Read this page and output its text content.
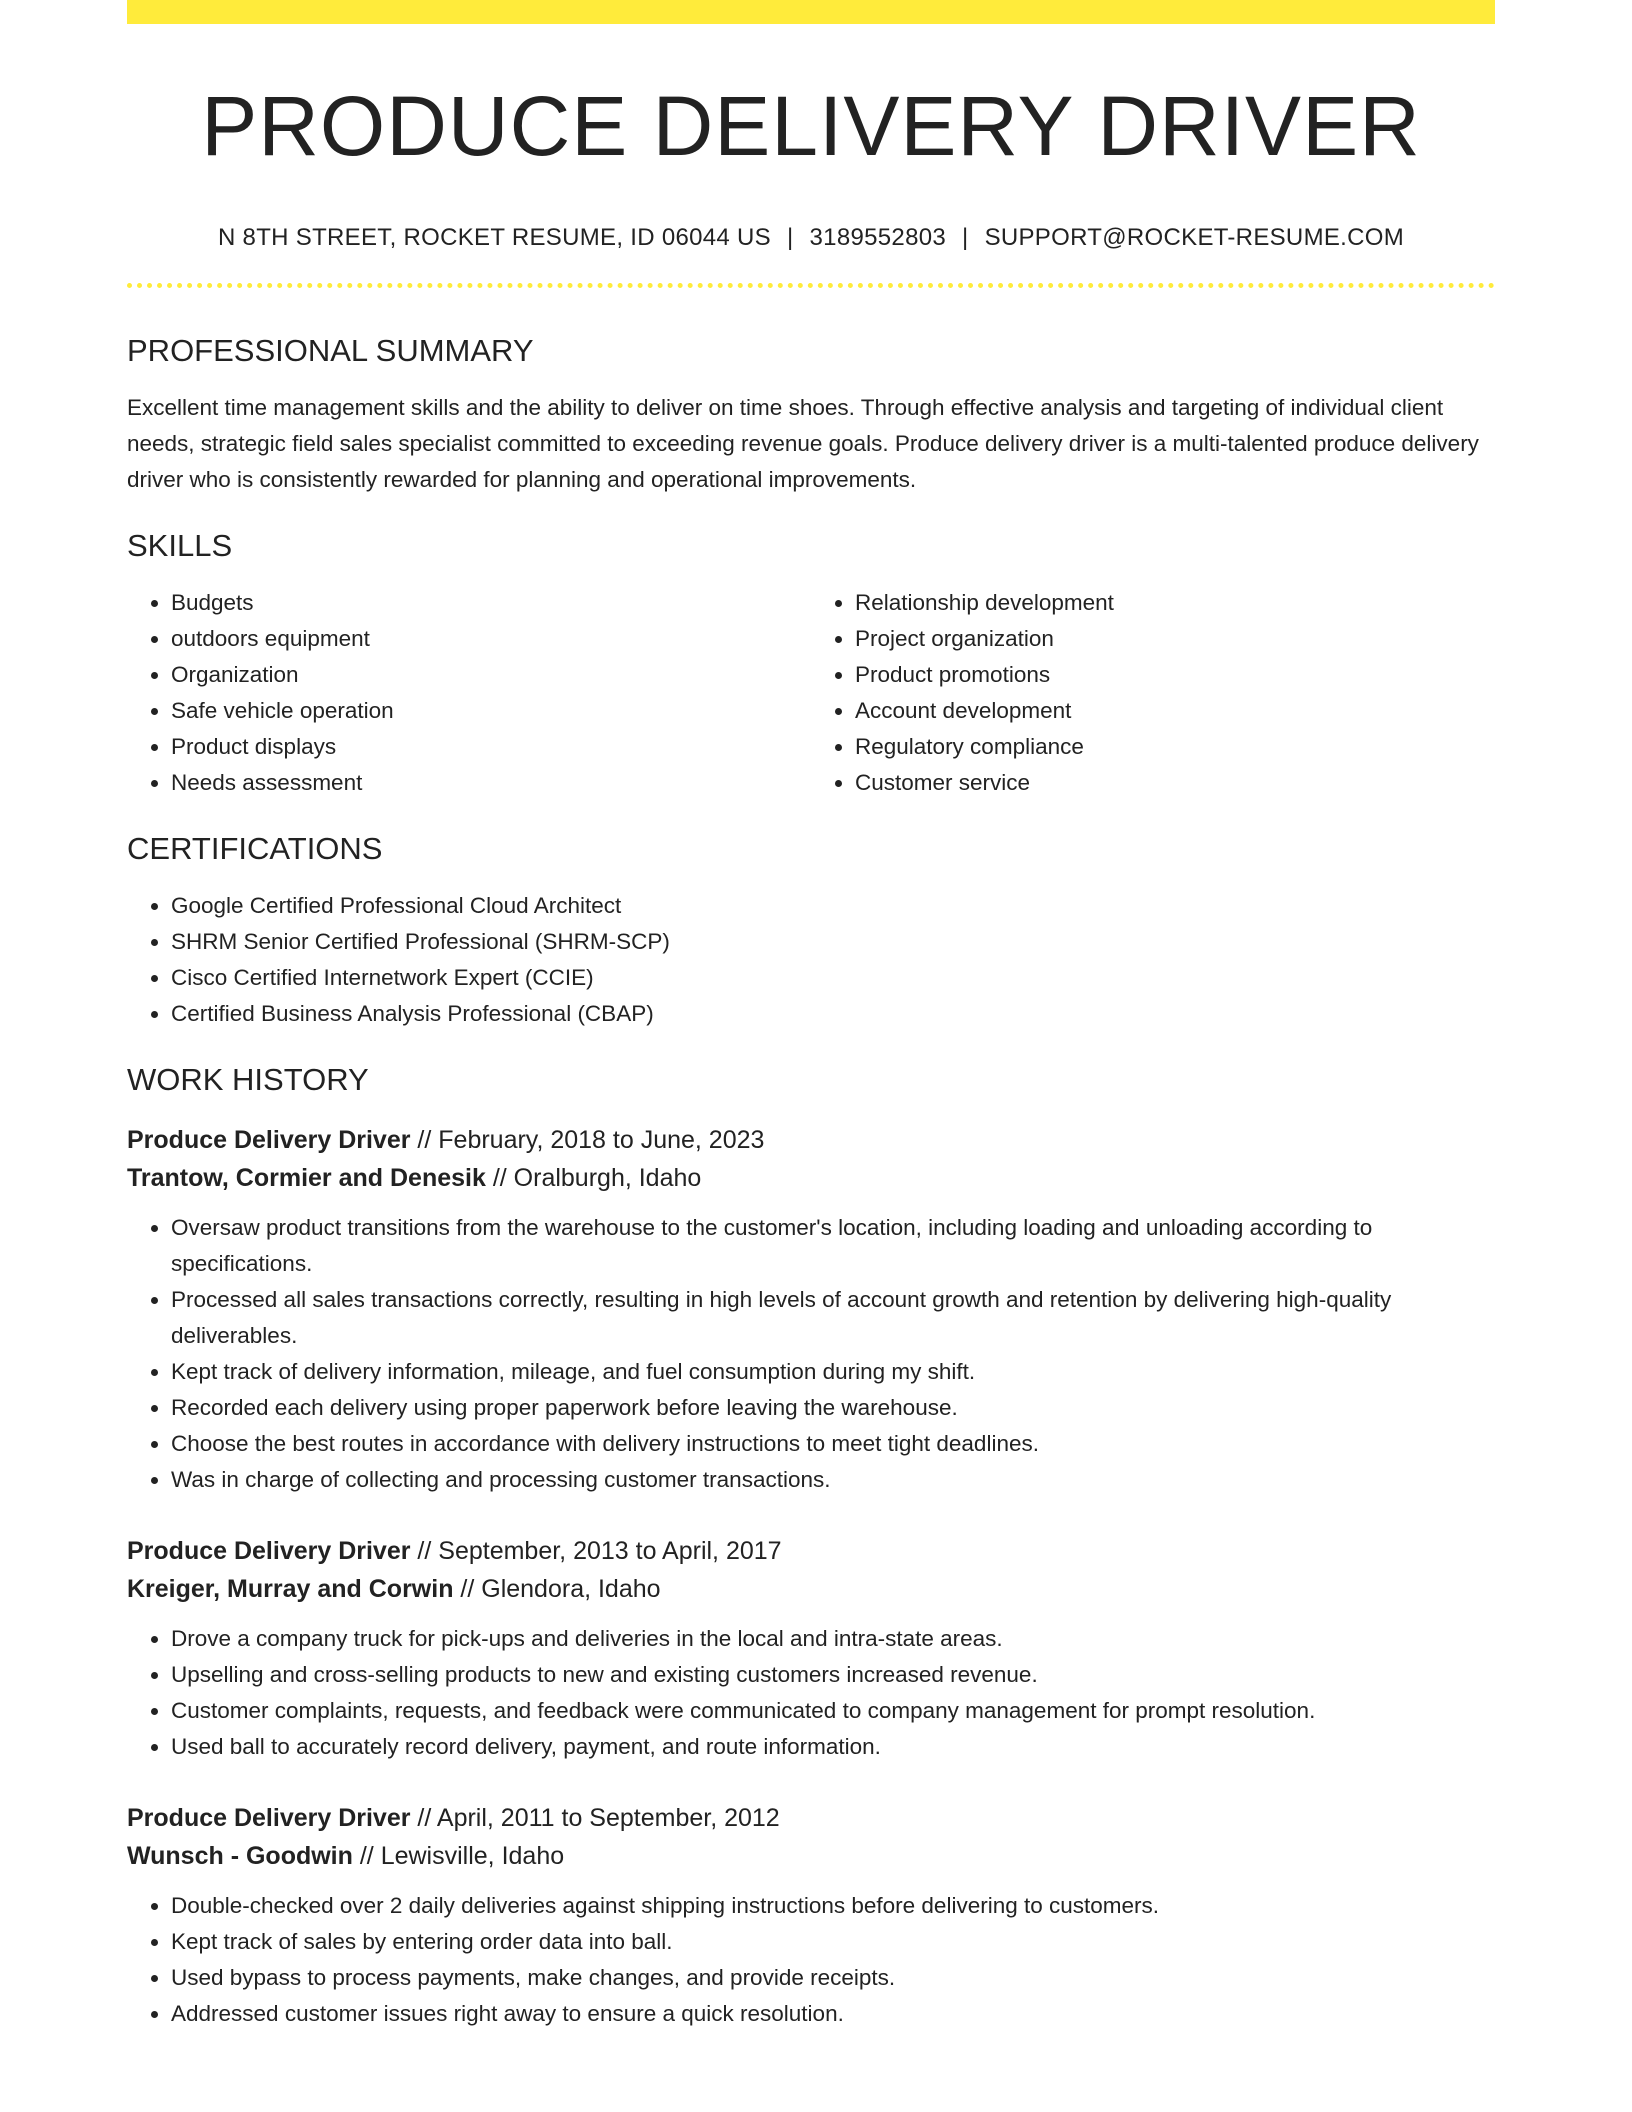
PRODUCE DELIVERY DRIVER
N 8TH STREET, ROCKET RESUME, ID 06044 US | 3189552803 | SUPPORT@ROCKET-RESUME.COM
PROFESSIONAL SUMMARY
Excellent time management skills and the ability to deliver on time shoes. Through effective analysis and targeting of individual client needs, strategic field sales specialist committed to exceeding revenue goals. Produce delivery driver is a multi-talented produce delivery driver who is consistently rewarded for planning and operational improvements.
SKILLS
• Budgets
• outdoors equipment
• Organization
• Safe vehicle operation
• Product displays
• Needs assessment
• Relationship development
• Project organization
• Product promotions
• Account development
• Regulatory compliance
• Customer service
CERTIFICATIONS
• Google Certified Professional Cloud Architect
• SHRM Senior Certified Professional (SHRM-SCP)
• Cisco Certified Internetwork Expert (CCIE)
• Certified Business Analysis Professional (CBAP)
WORK HISTORY
Produce Delivery Driver // February, 2018 to June, 2023
Trantow, Cormier and Denesik // Oralburgh, Idaho
• Oversaw product transitions from the warehouse to the customer's location, including loading and unloading according to specifications.
• Processed all sales transactions correctly, resulting in high levels of account growth and retention by delivering high-quality deliverables.
• Kept track of delivery information, mileage, and fuel consumption during my shift.
• Recorded each delivery using proper paperwork before leaving the warehouse.
• Choose the best routes in accordance with delivery instructions to meet tight deadlines.
• Was in charge of collecting and processing customer transactions.
Produce Delivery Driver // September, 2013 to April, 2017
Kreiger, Murray and Corwin // Glendora, Idaho
• Drove a company truck for pick-ups and deliveries in the local and intra-state areas.
• Upselling and cross-selling products to new and existing customers increased revenue.
• Customer complaints, requests, and feedback were communicated to company management for prompt resolution.
• Used ball to accurately record delivery, payment, and route information.
Produce Delivery Driver // April, 2011 to September, 2012
Wunsch - Goodwin // Lewisville, Idaho
• Double-checked over 2 daily deliveries against shipping instructions before delivering to customers.
• Kept track of sales by entering order data into ball.
• Used bypass to process payments, make changes, and provide receipts.
• Addressed customer issues right away to ensure a quick resolution.
